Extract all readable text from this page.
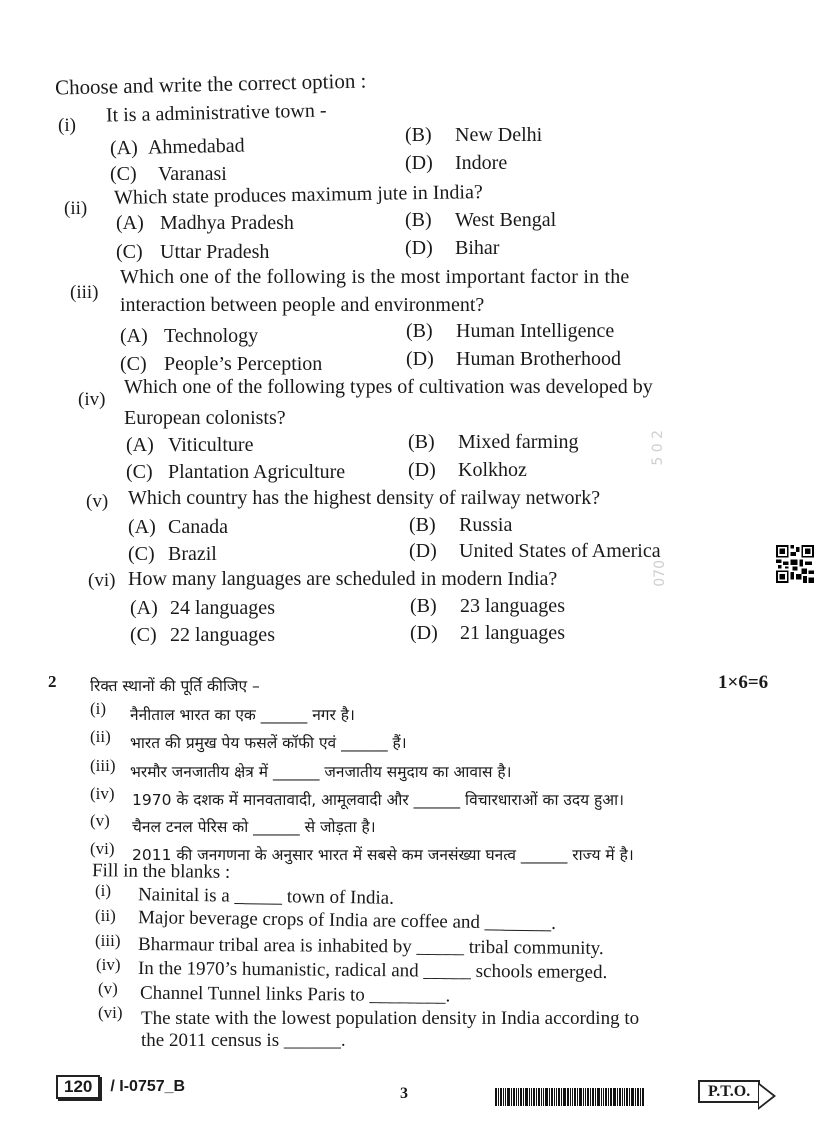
Choose and write the correct option :
(i) It is a administrative town -
(A) Ahmedabad	(B) New Delhi
(C) Varanasi	(D) Indore
(ii) Which state produces maximum jute in India?
(A) Madhya Pradesh	(B) West Bengal
(C) Uttar Pradesh	(D) Bihar
(iii)
Which one of the following is the most important factor in the
interaction between people and environment?
(A) Technology	(B) Human Intelligence
(C) People’s Perception	(D) Human Brotherhood
(iv)
Which one of the following types of cultivation was developed by
European colonists?
(A) Viticulture	(B) Mixed farming
(C) Plantation Agriculture	(D) Kolkhoz
(v) Which country has the highest density of railway network?
(A) Canada	(B) Russia
(C) Brazil	(D) United States of America
(vi) How many languages are scheduled in modern India?
(A) 24 languages	(B) 23 languages
(C) 22 languages	(D) 21 languages
5 0 2
070
2 रिक्त स्थानों की पूर्ति कीजिए –	1×6=6
(i) नैनीताल भारत का एक ______ नगर है।
(ii) भारत की प्रमुख पेय फसलें कॉफी एवं ______ हैं।
(iii) भरमौर जनजातीय क्षेत्र में ______ जनजातीय समुदाय का आवास है।
(iv) 1970 के दशक में मानवतावादी, आमूलवादी और ______ विचारधाराओं का उदय हुआ।
(v) चैनल टनल पेरिस को ______ से जोड़ता है।
(vi) 2011 की जनगणना के अनुसार भारत में सबसे कम जनसंख्या घनत्व ______ राज्य में है।
Fill in the blanks :
(i) Nainital is a _____ town of India.
(ii) Major beverage crops of India are coffee and _______.
(iii) Bharmaur tribal area is inhabited by _____ tribal community.
(iv) In the 1970’s humanistic, radical and _____ schools emerged.
(v) Channel Tunnel links Paris to ________.
(vi) The state with the lowest population density in India according to
the 2011 census is ______.
120	/ I-0757_B	3	P.T.O.
